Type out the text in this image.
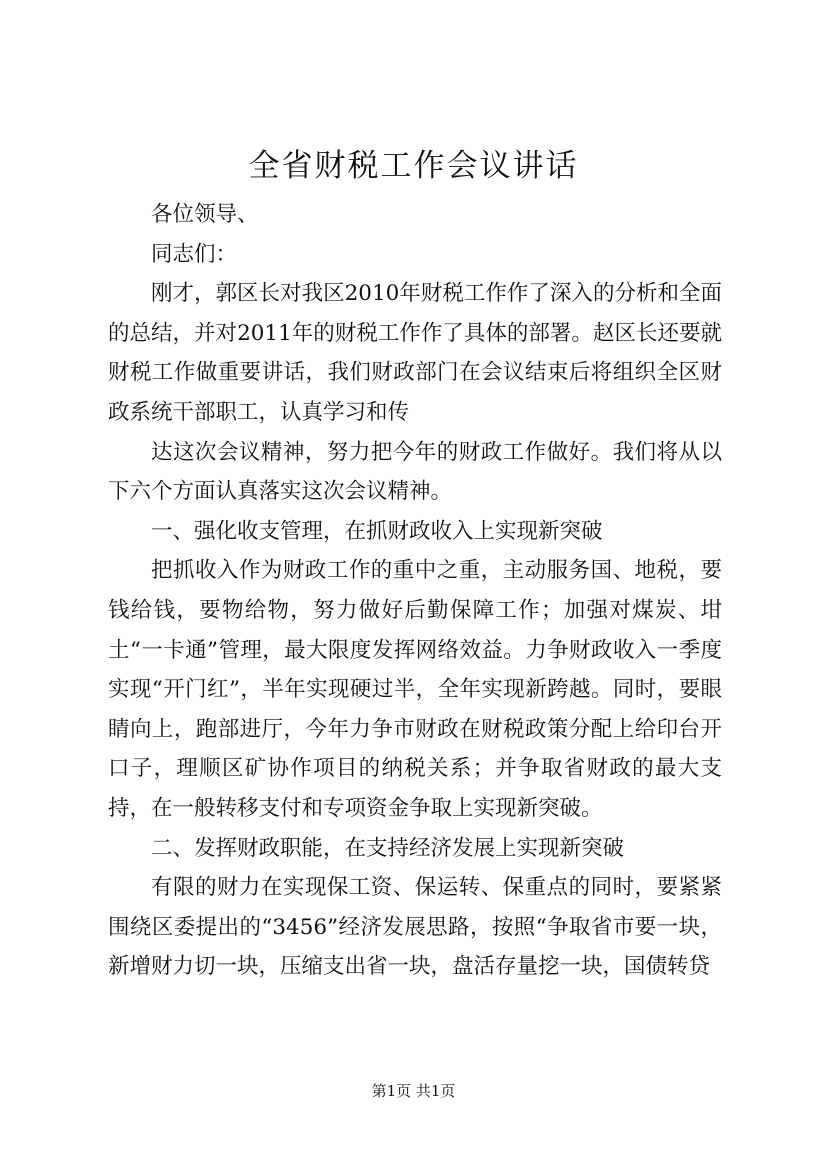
全省财税工作会议讲话

各位领导、

同志们：

刚才，郭区长对我区2010年财税工作作了深入的分析和全面的总结，并对2011年的财税工作作了具体的部署。赵区长还要就财税工作做重要讲话，我们财政部门在会议结束后将组织全区财政系统干部职工，认真学习和传

达这次会议精神，努力把今年的财政工作做好。我们将从以下六个方面认真落实这次会议精神。

一、强化收支管理，在抓财政收入上实现新突破

把抓收入作为财政工作的重中之重，主动服务国、地税，要钱给钱，要物给物，努力做好后勤保障工作；加强对煤炭、坩土“一卡通”管理，最大限度发挥网络效益。力争财政收入一季度实现“开门红”，半年实现硬过半，全年实现新跨越。同时，要眼睛向上，跑部进厅，今年力争市财政在财税政策分配上给印台开口子，理顺区矿协作项目的纳税关系；并争取省财政的最大支持，在一般转移支付和专项资金争取上实现新突破。

二、发挥财政职能，在支持经济发展上实现新突破

有限的财力在实现保工资、保运转、保重点的同时，要紧紧围绕区委提出的“3456”经济发展思路，按照“争取省市要一块，新增财力切一块，压缩支出省一块，盘活存量挖一块，国债转贷

第1页 共1页
